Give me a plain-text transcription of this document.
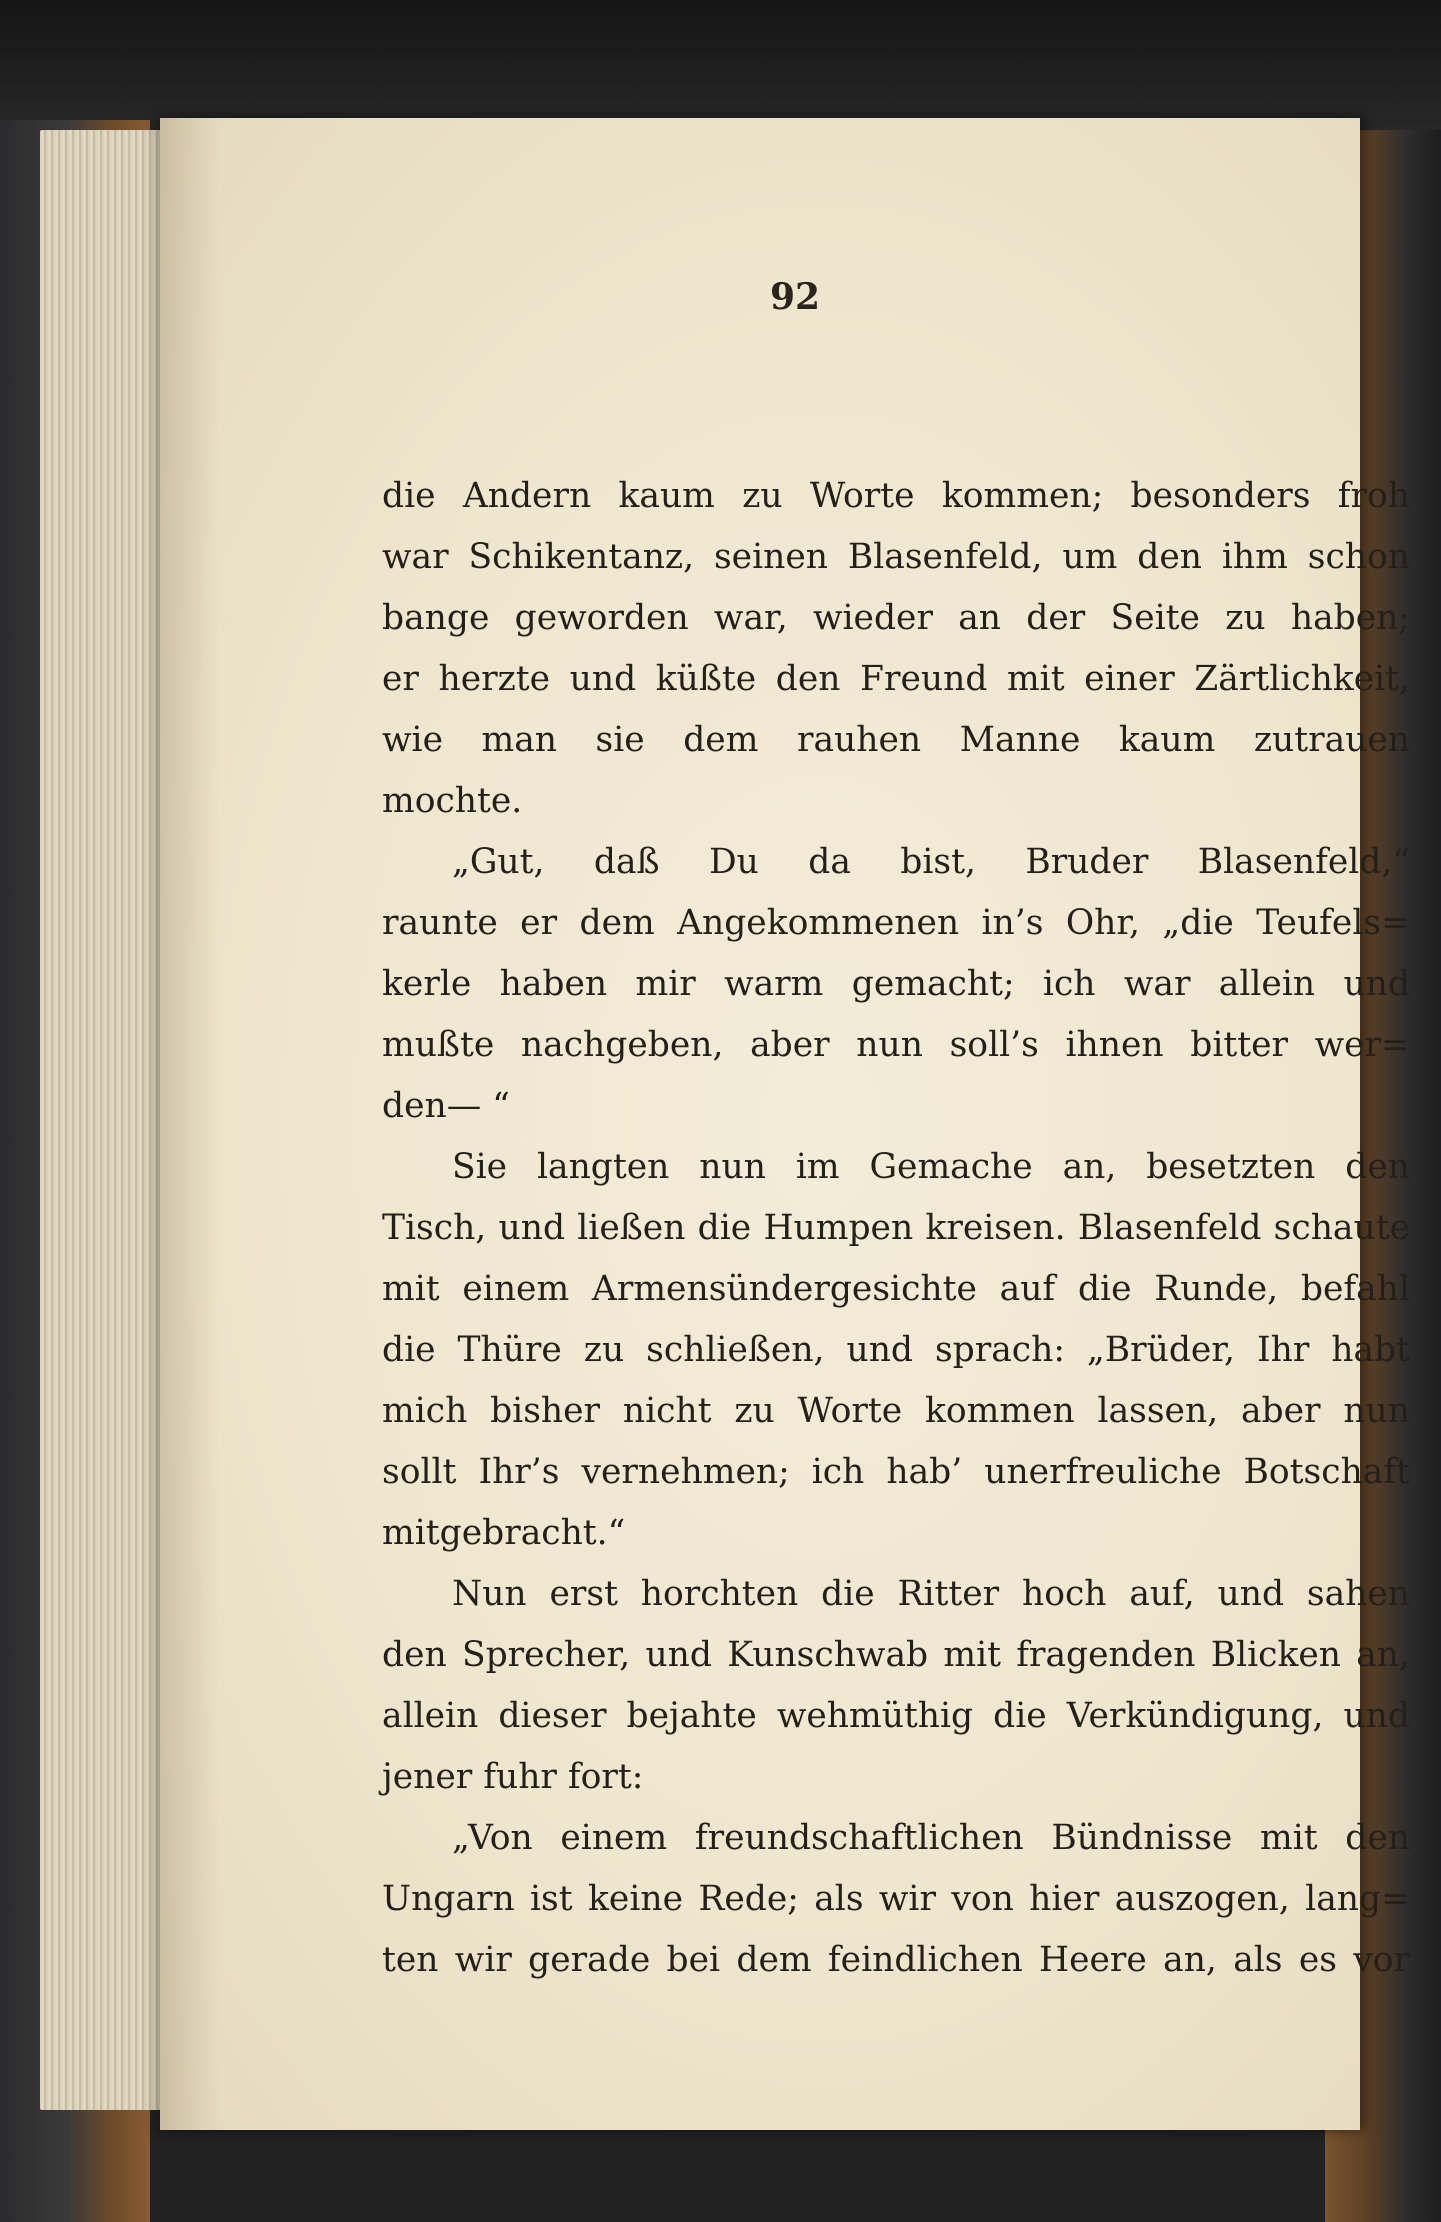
92
die Andern kaum zu Worte kommen; besonders froh
war Schikentanz, seinen Blasenfeld, um den ihm schon
bange geworden war, wieder an der Seite zu haben;
er herzte und küßte den Freund mit einer Zärtlichkeit,
wie man sie dem rauhen Manne kaum zutrauen
mochte.
„Gut, daß Du da bist, Bruder Blasenfeld,“
raunte er dem Angekommenen in’s Ohr, „die Teufels=
kerle haben mir warm gemacht; ich war allein und
mußte nachgeben, aber nun soll’s ihnen bitter wer=
den— “
Sie langten nun im Gemache an, besetzten den
Tisch, und ließen die Humpen kreisen. Blasenfeld schaute
mit einem Armensündergesichte auf die Runde, befahl
die Thüre zu schließen, und sprach: „Brüder, Ihr habt
mich bisher nicht zu Worte kommen lassen, aber nun
sollt Ihr’s vernehmen; ich hab’ unerfreuliche Botschaft
mitgebracht.“
Nun erst horchten die Ritter hoch auf, und sahen
den Sprecher, und Kunschwab mit fragenden Blicken an,
allein dieser bejahte wehmüthig die Verkündigung, und
jener fuhr fort:
„Von einem freundschaftlichen Bündnisse mit den
Ungarn ist keine Rede; als wir von hier auszogen, lang=
ten wir gerade bei dem feindlichen Heere an, als es vor
